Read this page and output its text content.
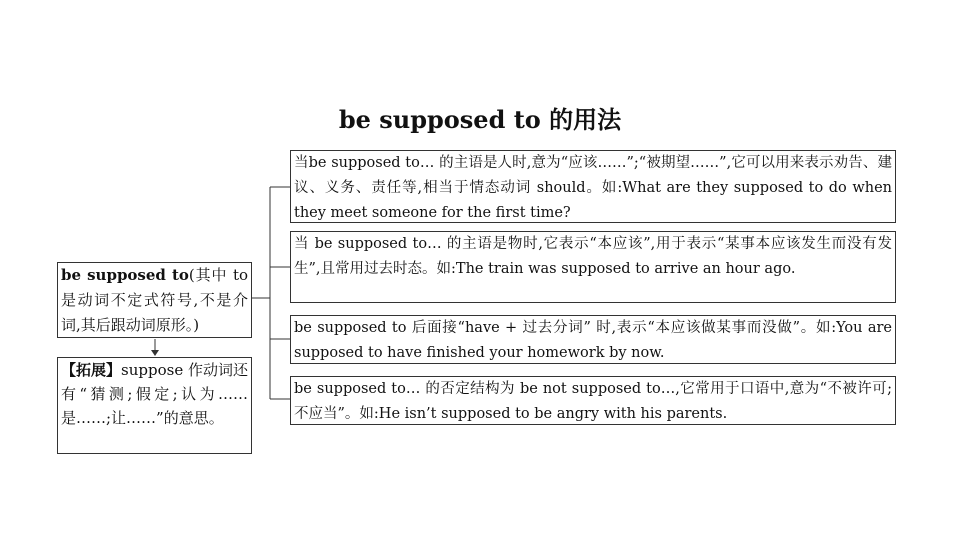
be supposed to 的用法
be supposed to(其中 to 是动词不定式符号,不是介词,其后跟动词原形。)
【拓展】suppose 作动词还有“猜测;假定;认为……是……;让……”的意思。
当be supposed to… 的主语是人时,意为“应该……”;“被期望……”,它可以用来表示劝告、建议、义务、责任等,相当于情态动词 should。如:What are they supposed to do when they meet someone for the first time?
当 be supposed to… 的主语是物时,它表示“本应该”,用于表示“某事本应该发生而没有发生”,且常用过去时态。如:The train was supposed to arrive an hour ago.
be supposed to 后面接“have + 过去分词” 时,表示“本应该做某事而没做”。如:You are supposed to have finished your homework by now.
be supposed to… 的否定结构为 be not supposed to…,它常用于口语中,意为“不被许可;不应当”。如:He isn’t supposed to be angry with his parents.
